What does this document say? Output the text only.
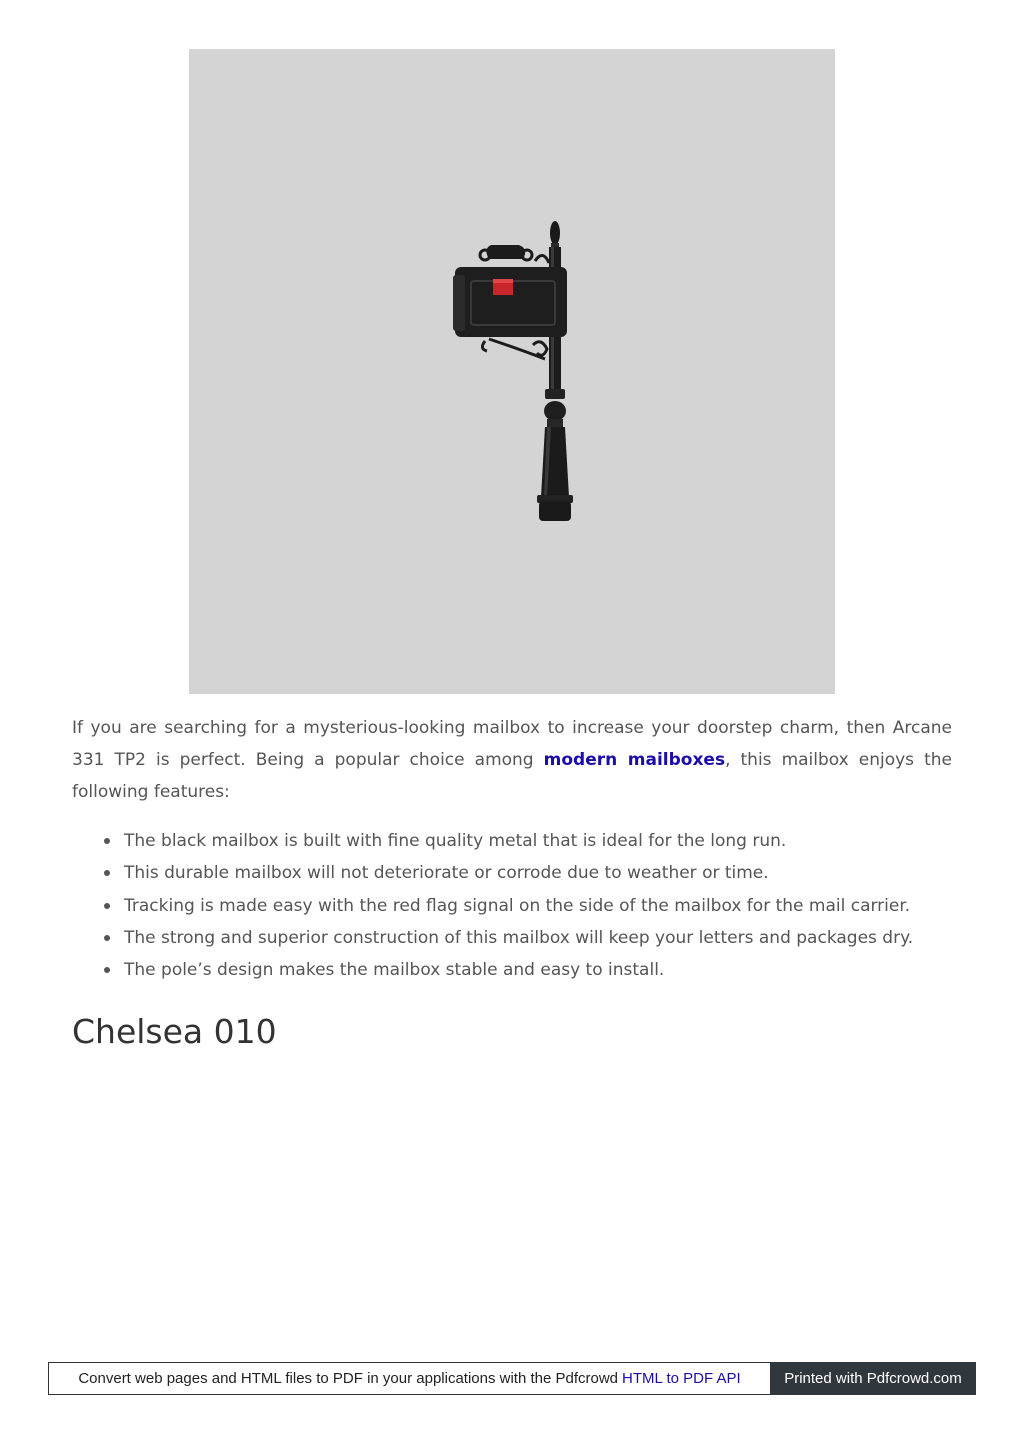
If you are searching for a mysterious-looking mailbox to increase your doorstep charm, then Arcane 331 TP2 is perfect. Being a popular choice among modern mailboxes, this mailbox enjoys the following features:

The black mailbox is built with fine quality metal that is ideal for the long run.
This durable mailbox will not deteriorate or corrode due to weather or time.
Tracking is made easy with the red flag signal on the side of the mailbox for the mail carrier.
The strong and superior construction of this mailbox will keep your letters and packages dry.
The pole’s design makes the mailbox stable and easy to install.
Chelsea 010
Convert web pages and HTML files to PDF in your applications with the Pdfcrowd HTML to PDF API	Printed with Pdfcrowd.com
